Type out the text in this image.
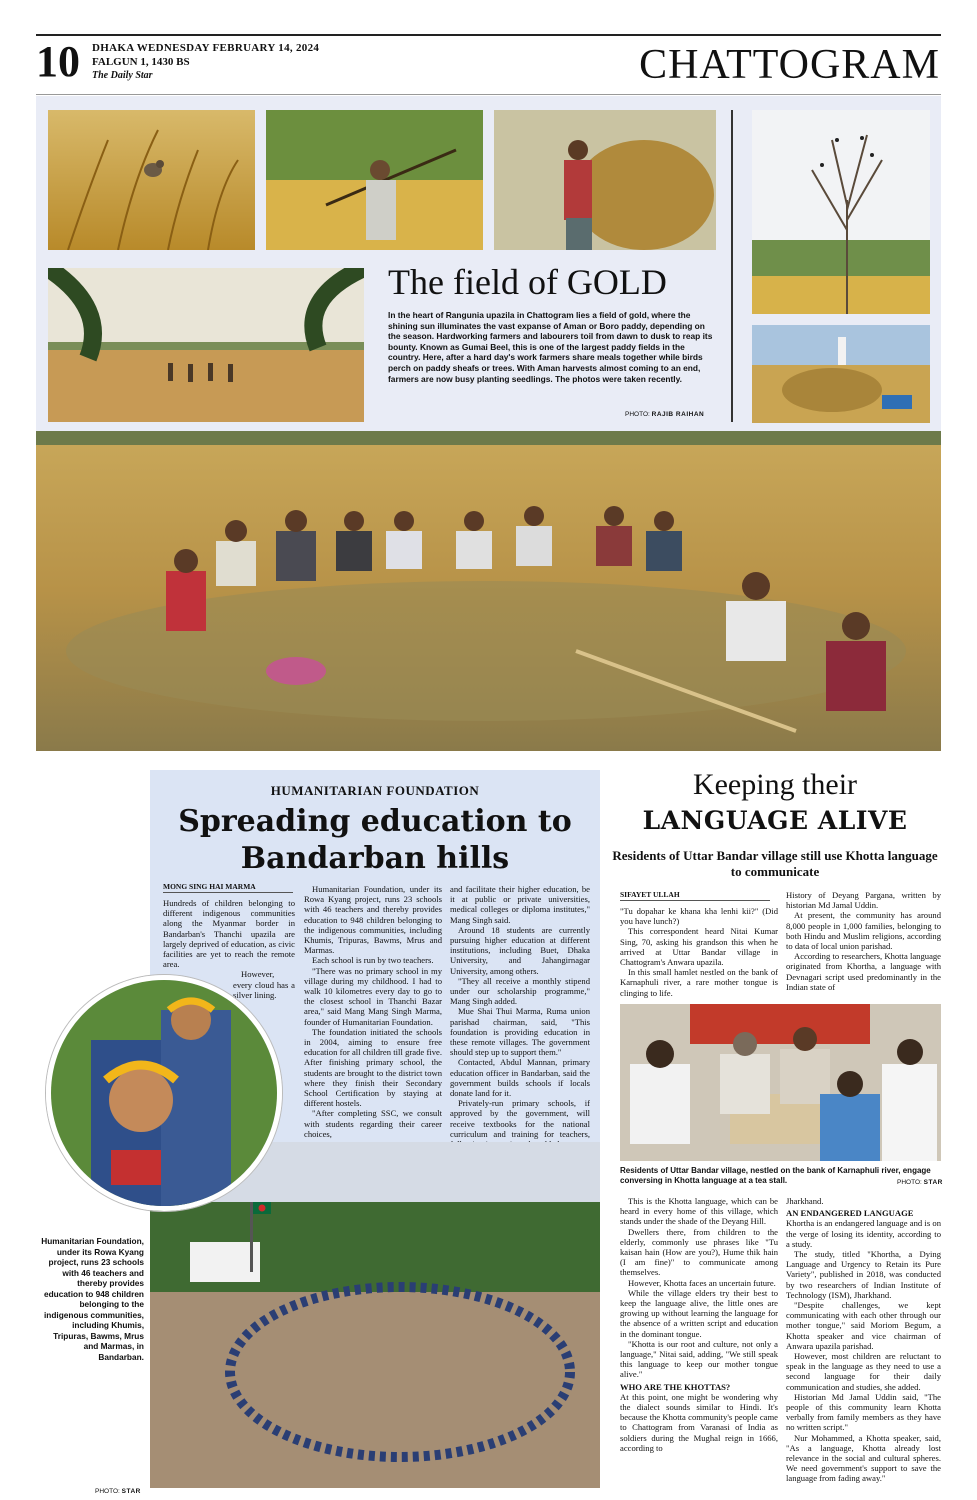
10 DHAKA WEDNESDAY FEBRUARY 14, 2024
FALGUN 1, 1430 BS
The Daily Star	CHATTOGRAM
The field of GOLD
In the heart of Rangunia upazila in Chattogram lies a field of gold, where the shining sun illuminates the vast expanse of Aman or Boro paddy, depending on the season. Hardworking farmers and labourers toil from dawn to dusk to reap its bounty. Known as Gumai Beel, this is one of the largest paddy fields in the country. Here, after a hard day's work farmers share meals together while birds perch on paddy sheafs or trees. With Aman harvests almost coming to an end, farmers are now busy planting seedlings. The photos were taken recently.
PHOTO: RAJIB RAIHAN
HUMANITARIAN FOUNDATION
Spreading education to Bandarban hills
MONG SING HAI MARMA

Hundreds of children belonging to different indigenous communities along the Myanmar border in Bandarban's Thanchi upazila are largely deprived of education, as civic facilities are yet to reach the remote area.

However, every cloud has a silver lining.

Humanitarian Foundation, under its Rowa Kyang project, runs 23 schools with 46 teachers and thereby provides education to 948 children belonging to the indigenous communities, including Khumis, Tripuras, Bawms, Mrus and Marmas.

Each school is run by two teachers.

"There was no primary school in my village during my childhood. I had to walk 10 kilometres every day to go to the closest school in Thanchi Bazar area," said Mang Mang Singh Marma, founder of Humanitarian Foundation.

The foundation initiated the schools in 2004, aiming to ensure free education for all children till grade five. After finishing primary school, the students are brought to the district town where they finish their Secondary School Certification by staying at different hostels.

"After completing SSC, we consult with students regarding their career choices,

and facilitate their higher education, be it at public or private universities, medical colleges or diploma institutes," Mang Singh said.

Around 18 students are currently pursuing higher education at different institutions, including Buet, Dhaka University, and Jahangirnagar University, among others.

"They all receive a monthly stipend under our scholarship programme," Mang Singh added.

Mue Shai Thui Marma, Ruma union parishad chairman, said, "This foundation is providing education in these remote villages. The government should step up to support them."

Contacted, Abdul Mannan, primary education officer in Bandarban, said the government builds schools if locals donate land for it.

Privately-run primary schools, if approved by the government, will receive textbooks for the national curriculum and training for teachers,

Humanitarian Foundation, under its Rowa Kyang project, runs 23 schools with 46 teachers and thereby provides education to 948 children belonging to the indigenous communities, including Khumis, Tripuras, Bawms, Mrus and Marmas, in Bandarban.
PHOTO: STAR
Keeping their
LANGUAGE ALIVE
Residents of Uttar Bandar village still use Khotta language to communicate
SIFAYET ULLAH

"Tu dopahar ke khana kha lenhi kii?" (Did you have lunch?)

This correspondent heard Nitai Kumar Sing, 70, asking his grandson this when he arrived at Uttar Bandar village in Chattogram's Anwara upazila.

In this small hamlet nestled on the bank of Karnaphuli river, a rare mother tongue is clinging to life.

History of Deyang Pargana, written by historian Md Jamal Uddin.

At present, the community has around 8,000 people in 1,000 families, belonging to both Hindu and Muslim religions, according to data of local union parishad.

According to researchers, Khotta language originated from Khortha, a language with Devnagari script used predominantly in the Indian state of

Residents of Uttar Bandar village, nestled on the bank of Karnaphuli river, engage conversing in Khotta language at a tea stall.	PHOTO: STAR

This is the Khotta language, which can be heard in every home of this village, which stands under the shade of the Deyang Hill.

Dwellers there, from children to the elderly, commonly use phrases like "Tu kaisan hain (How are you?), Hume thik hain (I am fine)" to communicate among themselves.

However, Khotta faces an uncertain future.

While the village elders try their best to keep the language alive, the little ones are growing up without learning the language for the absence of a written script and education in the dominant tongue.

"Khotta is our root and culture, not only a language," Nitai said, adding, "We still speak this language to keep our mother tongue alive."

WHO ARE THE KHOTTAS?

At this point, one might be wondering why the dialect sounds similar to Hindi. It's because the Khotta community's people came to Chattogram from Varanasi of India as soldiers during the Mughal reign in 1666, according to

Jharkhand.

AN ENDANGERED LANGUAGE

Khortha is an endangered language and is on the verge of losing its identity, according to a study.

The study, titled "Khortha, a Dying Language and Urgency to Retain its Pure Variety", published in 2018, was conducted by two researchers of Indian Institute of Technology (ISM), Jharkhand.

"Despite challenges, we kept communicating with each other through our mother tongue," said Moriom Begum, a Khotta speaker and vice chairman of Anwara upazila parishad.

However, most children are reluctant to speak in the language as they need to use a second language for their daily communication and studies, she added.

Historian Md Jamal Uddin said, "The people of this community learn Khotta verbally from family members as they have no written script."

Nur Mohammed, a Khotta speaker, said, "As a language, Khotta already lost relevance in the social and cultural spheres. We need government's support to save the language from fading away."
